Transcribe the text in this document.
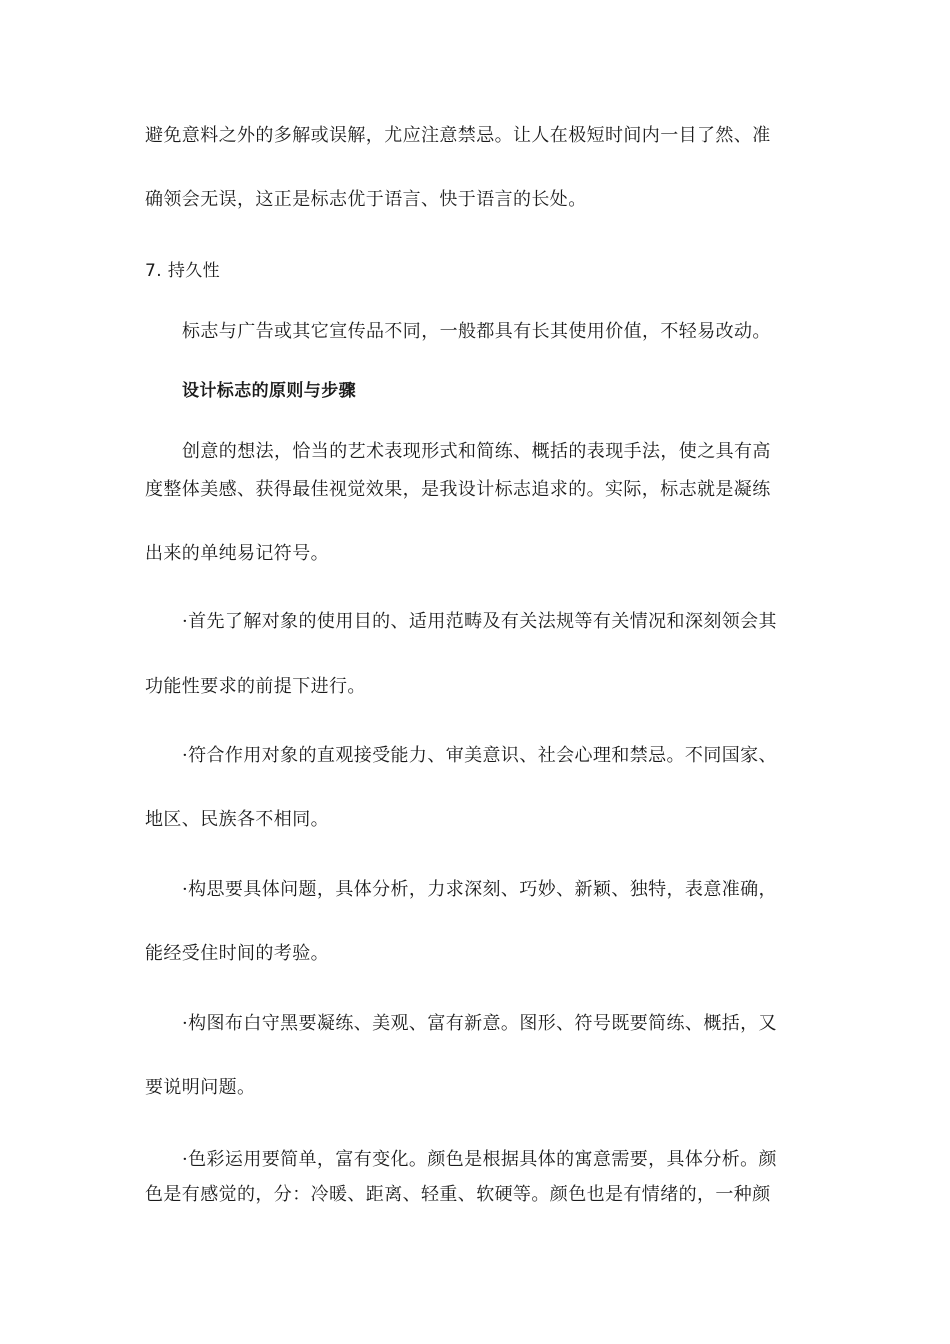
避免意料之外的多解或误解，尤应注意禁忌。让人在极短时间内一目了然、准
确领会无误，这正是标志优于语言、快于语言的长处。
7. 持久性
标志与广告或其它宣传品不同，一般都具有长其使用价值，不轻易改动。
设计标志的原则与步骤
创意的想法，恰当的艺术表现形式和简练、概括的表现手法，使之具有高
度整体美感、获得最佳视觉效果，是我设计标志追求的。实际，标志就是凝练
出来的单纯易记符号。
·首先了解对象的使用目的、适用范畴及有关法规等有关情况和深刻领会其
功能性要求的前提下进行。
·符合作用对象的直观接受能力、审美意识、社会心理和禁忌。不同国家、
地区、民族各不相同。
·构思要具体问题，具体分析，力求深刻、巧妙、新颖、独特，表意准确，
能经受住时间的考验。
·构图布白守黑要凝练、美观、富有新意。图形、符号既要简练、概括，又
要说明问题。
·色彩运用要简单，富有变化。颜色是根据具体的寓意需要，具体分析。颜
色是有感觉的，分：冷暖、距离、轻重、软硬等。颜色也是有情绪的，一种颜
